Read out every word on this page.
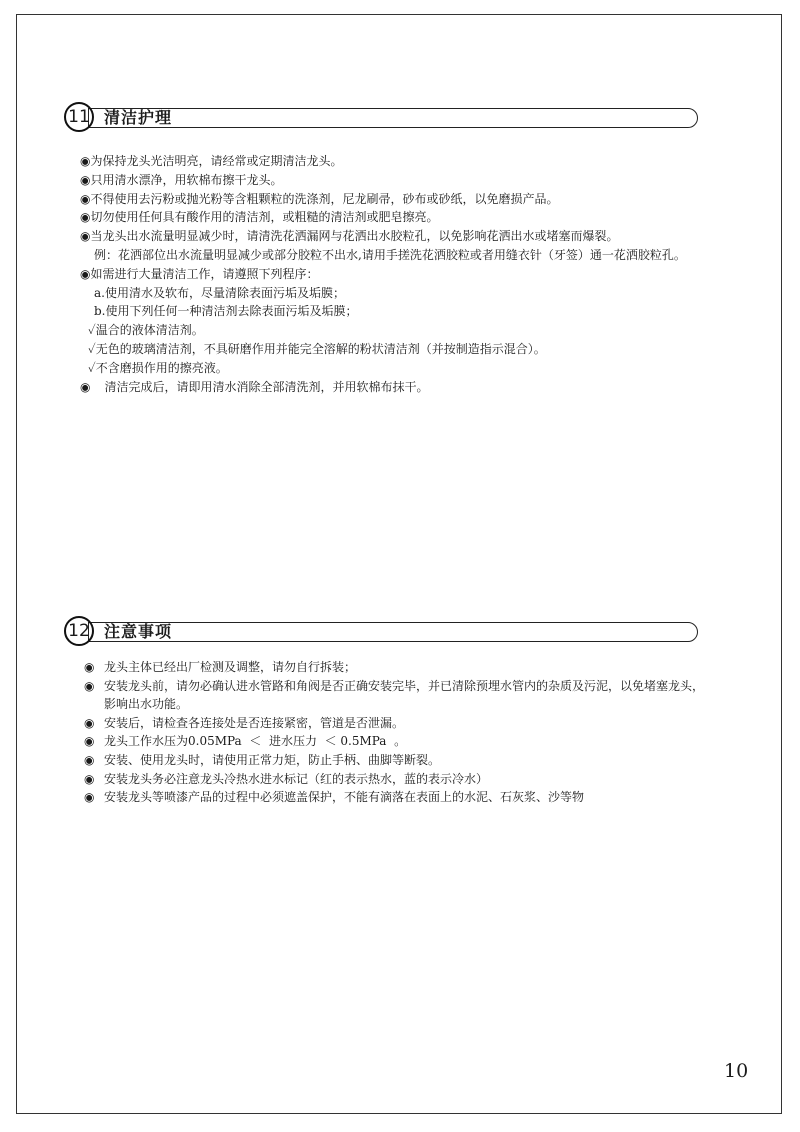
11 清洁护理
◉为保持龙头光洁明亮，请经常或定期清洁龙头。
◉只用清水漂净，用软棉布擦干龙头。
◉不得使用去污粉或抛光粉等含粗颗粒的洗涤剂，尼龙刷帚，砂布或砂纸，以免磨损产品。
◉切勿使用任何具有酸作用的清洁剂，或粗糙的清洁剂或肥皂擦亮。
◉当龙头出水流量明显减少时，请清洗花洒漏网与花洒出水胶粒孔，以免影响花洒出水或堵塞而爆裂。
例：花洒部位出水流量明显减少或部分胶粒不出水,请用手搓洗花洒胶粒或者用缝衣针（牙签）通一花洒胶粒孔。
◉如需进行大量清洁工作，请遵照下列程序：
a.使用清水及软布，尽量清除表面污垢及垢膜；
b.使用下列任何一种清洁剂去除表面污垢及垢膜；
✓温合的液体清洁剂。
✓无色的玻璃清洁剂，不具研磨作用并能完全溶解的粉状清洁剂（并按制造指示混合）。
✓不含磨损作用的擦亮液。
◉ 清洁完成后，请即用清水消除全部清洗剂，并用软棉布抹干。
12 注意事项
◉ 龙头主体已经出厂检测及调整，请勿自行拆装；
◉ 安装龙头前，请勿必确认进水管路和角阀是否正确安装完毕，并已清除预埋水管内的杂质及污泥，以免堵塞龙头，
影响出水功能。
◉ 安装后，请检查各连接处是否连接紧密，管道是否泄漏。
◉ 龙头工作水压为0.05MPa  ＜  进水压力  ＜ 0.5MPa  。
◉ 安装、使用龙头时，请使用正常力矩，防止手柄、曲脚等断裂。
◉ 安装龙头务必注意龙头冷热水进水标记（红的表示热水，蓝的表示冷水）
◉ 安装龙头等喷漆产品的过程中必须遮盖保护，不能有滴落在表面上的水泥、石灰浆、沙等物
10
